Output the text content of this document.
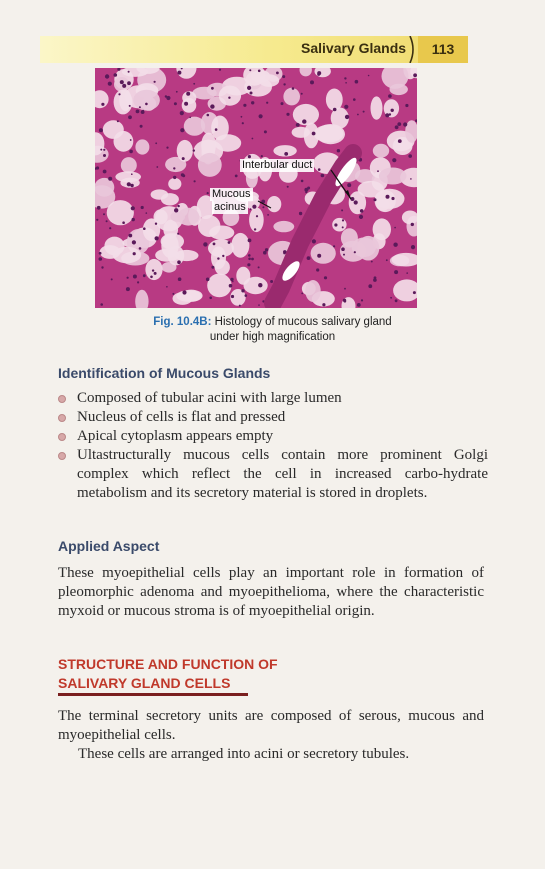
Salivary Glands	113
Interbular duct
Mucous
acinus
Fig. 10.4B: Histology of mucous salivary gland
under high magnification
Identification of Mucous Glands
Composed of tubular acini with large lumen
Nucleus of cells is flat and pressed
Apical cytoplasm appears empty
Ultastructurally mucous cells contain more prominent Golgi complex which reflect the cell in increased carbo-hydrate metabolism and its secretory material is stored in droplets.
Applied Aspect

These myoepithelial cells play an important role in formation of pleomorphic adenoma and myoepithelioma, where the characteristic myxoid or mucous stroma is of myoepithelial origin.

STRUCTURE AND FUNCTION OF
SALIVARY GLAND CELLS

The terminal secretory units are composed of serous, mucous and myoepithelial cells.

These cells are arranged into acini or secretory tubules.
